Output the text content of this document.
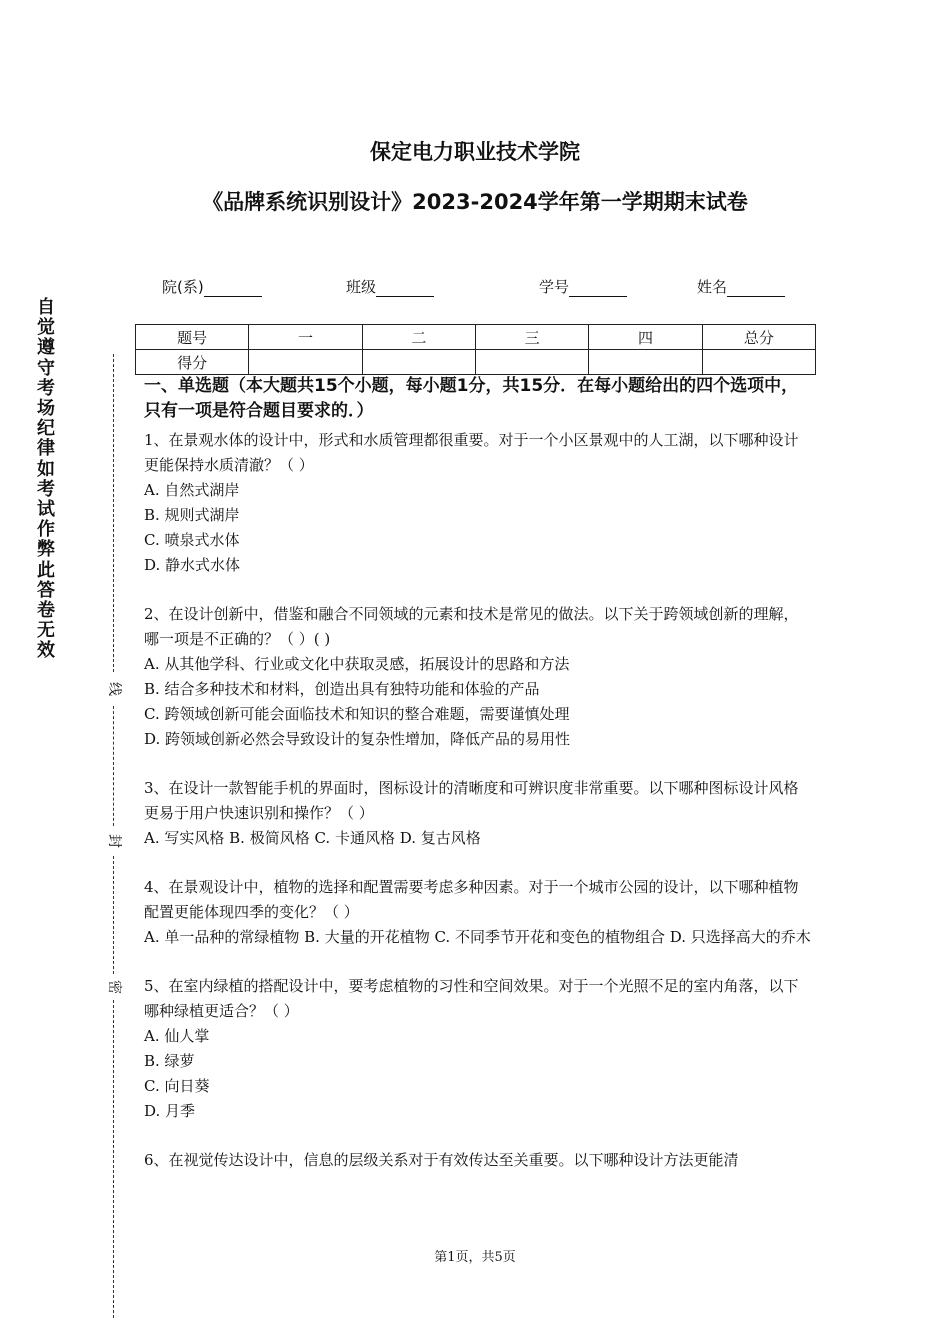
保定电力职业技术学院
《品牌系统识别设计》2023-2024学年第一学期期末试卷
院(系)	班级	学号	姓名
题号	一	二	三	四	总分
得分					
自
觉
遵
守
考
场
纪
律
如
考
试
作
弊
此
答
卷
无
效
线
封
密
一、单选题（本大题共15个小题，每小题1分，共15分．在每小题给出的四个选项中，只有一项是符合题目要求的．）

1、在景观水体的设计中，形式和水质管理都很重要。对于一个小区景观中的人工湖，以下哪种设计更能保持水质清澈？（ ）

A. 自然式湖岸

B. 规则式湖岸

C. 喷泉式水体

D. 静水式水体

2、在设计创新中，借鉴和融合不同领域的元素和技术是常见的做法。以下关于跨领域创新的理解，哪一项是不正确的？（ ）( )

A. 从其他学科、行业或文化中获取灵感，拓展设计的思路和方法

B. 结合多种技术和材料，创造出具有独特功能和体验的产品

C. 跨领域创新可能会面临技术和知识的整合难题，需要谨慎处理

D. 跨领域创新必然会导致设计的复杂性增加，降低产品的易用性

3、在设计一款智能手机的界面时，图标设计的清晰度和可辨识度非常重要。以下哪种图标设计风格更易于用户快速识别和操作？（ ）

A. 写实风格 B. 极简风格 C. 卡通风格 D. 复古风格

4、在景观设计中，植物的选择和配置需要考虑多种因素。对于一个城市公园的设计，以下哪种植物配置更能体现四季的变化？（ ）

A. 单一品种的常绿植物 B. 大量的开花植物 C. 不同季节开花和变色的植物组合 D. 只选择高大的乔木

5、在室内绿植的搭配设计中，要考虑植物的习性和空间效果。对于一个光照不足的室内角落，以下哪种绿植更适合？（ ）

A. 仙人掌

B. 绿萝

C. 向日葵

D. 月季

6、在视觉传达设计中，信息的层级关系对于有效传达至关重要。以下哪种设计方法更能清

第1页，共5页
